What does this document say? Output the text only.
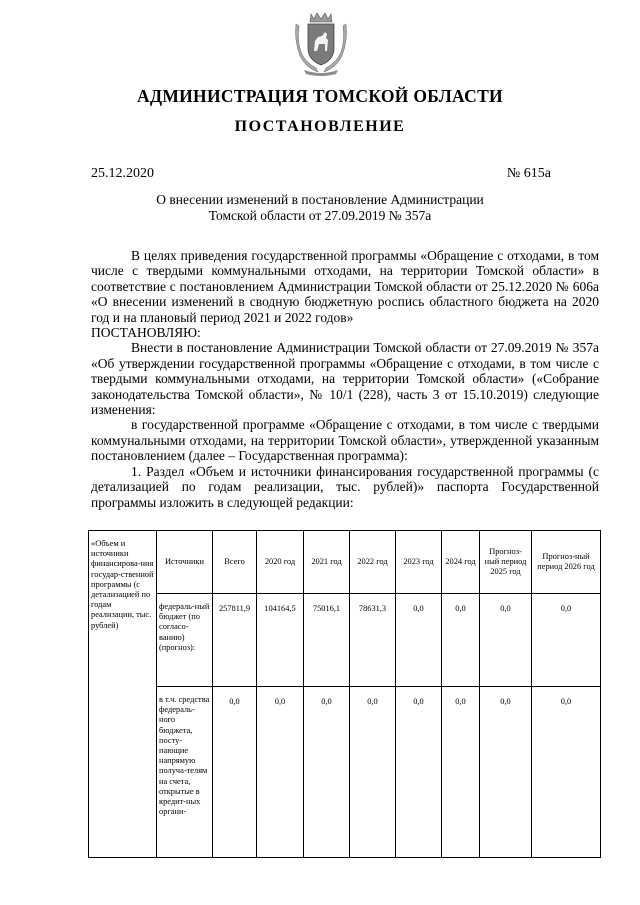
АДМИНИСТРАЦИЯ ТОМСКОЙ ОБЛАСТИ
ПОСТАНОВЛЕНИЕ
25.12.2020	№ 615а
О внесении изменений в постановление Администрации
Томской области от 27.09.2019 № 357а

В целях приведения государственной программы «Обращение с отходами, в том числе с твердыми коммунальными отходами, на территории Томской области» в соответствие с постановлением Администрации Томской области от 25.12.2020 № 606а «О внесении изменений в сводную бюджетную роспись областного бюджета на 2020 год и на плановый период 2021 и 2022 годов»

ПОСТАНОВЛЯЮ:

Внести в постановление Администрации Томской области от 27.09.2019 № 357а «Об утверждении государственной программы «Обращение с отходами, в том числе с твердыми коммунальными отходами, на территории Томской области» («Собрание законодательства Томской области», № 10/1 (228), часть 3 от 15.10.2019) следующие изменения:

в государственной программе «Обращение с отходами, в том числе с твердыми коммунальными отходами, на территории Томской области», утвержденной указанным постановлением (далее – Государственная программа):

1. Раздел «Объем и источники финансирования государственной программы (с детализацией по годам реализации, тыс. рублей)» паспорта Государственной программы изложить в следующей редакции:

«Объем и источники финансирова-ния государ-ственной программы (с детализацией по годам реализации, тыс. рублей)	Источники	Всего	2020 год	2021 год	2022 год	2023 год	2024 год	Прогноз-ный период 2025 год	Прогноз-ный период 2026 год
	федераль-ный бюджет (по согласо-ванию) (прогноз):	257811,9	104164,5	75016,1	78631,3	0,0	0,0	0,0	0,0
	в т.ч. средства федераль-ного бюджета, посту-пающие напрямую получа-телям на счета, открытые в кредит-ных органи-	0,0	0,0	0,0	0,0	0,0	0,0	0,0	0,0
